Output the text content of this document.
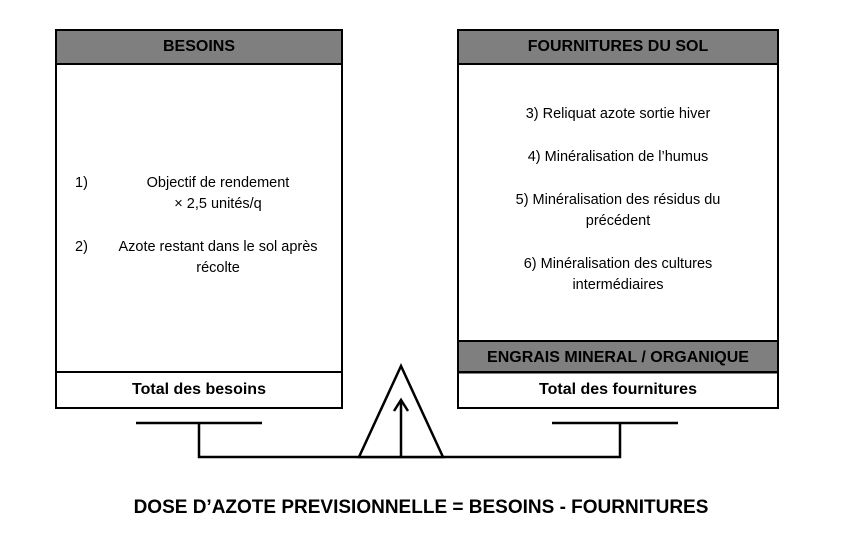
BESOINS
1)	Objectif de rendement
× 2,5 unités/q
2)	Azote restant dans le sol après
récolte
Total des besoins
FOURNITURES DU SOL
3) Reliquat azote sortie hiver
4) Minéralisation de l’humus
5) Minéralisation des résidus du
précédent
6) Minéralisation des cultures
intermédiaires
ENGRAIS MINERAL / ORGANIQUE
Total des fournitures
DOSE D’AZOTE PREVISIONNELLE = BESOINS - FOURNITURES
